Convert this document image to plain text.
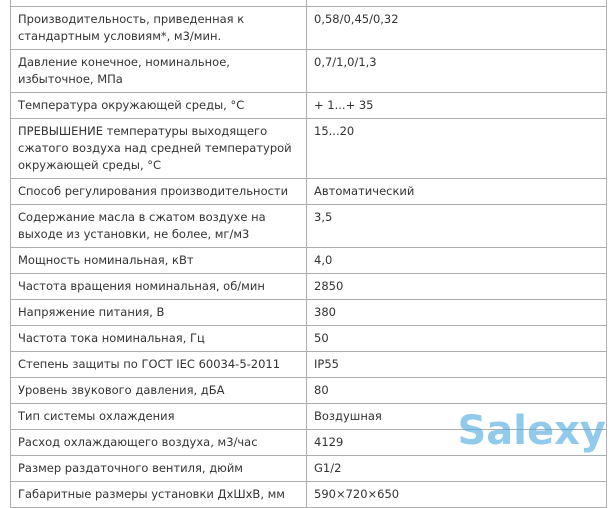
Производительность, приведенная к стандартным условиям*, м3/мин.	0,58/0,45/0,32
Давление конечное, номинальное, избыточное, МПа	0,7/1,0/1,3
Температура окружающей среды, °С	+ 1...+ 35
ПРЕВЫШЕНИЕ температуры выходящего сжатого воздуха над средней температурой окружающей среды, °С	15...20
Способ регулирования производительности	Автоматический
Содержание масла в сжатом воздухе на выходе из установки, не более, мг/м3	3,5
Мощность номинальная, кВт	4,0
Частота вращения номинальная, об/мин	2850
Напряжение питания, В	380
Частота тока номинальная, Гц	50
Степень защиты по ГОСТ IEC 60034-5-2011	IP55
Уровень звукового давления, дБА	80
Тип системы охлаждения	Воздушная
Расход охлаждающего воздуха, м3/час	4129
Размер раздаточного вентиля, дюйм	G1/2
Габаритные размеры установки ДхШхВ, мм	590×720×650
Salexy
